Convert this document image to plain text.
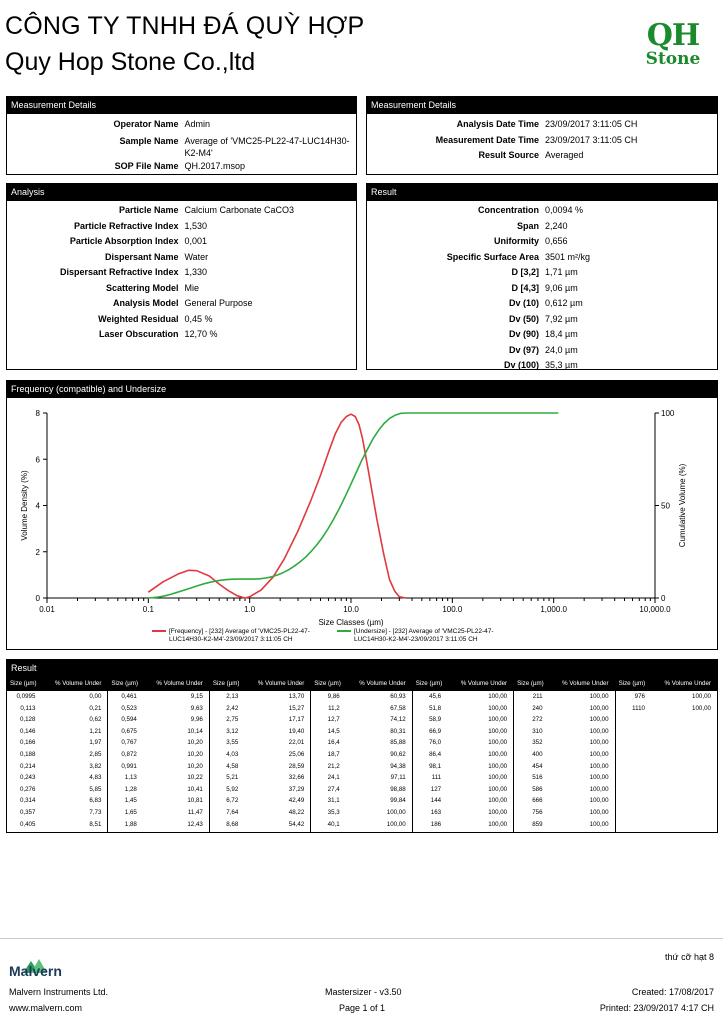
CÔNG TY TNHH ĐÁ QUỲ HỢP
Quy Hop Stone Co.,ltd
QH
Stone
Measurement Details
Operator Name Admin
Sample Name Average of 'VMC25-PL22-47-LUC14H30-K2-M4'
SOP File Name QH.2017.msop
Measurement Details
Analysis Date Time 23/09/2017 3:11:05 CH
Measurement Date Time 23/09/2017 3:11:05 CH
Result Source Averaged
Analysis
Particle Name Calcium Carbonate CaCO3
Particle Refractive Index 1,530
Particle Absorption Index 0,001
Dispersant Name Water
Dispersant Refractive Index 1,330
Scattering Model Mie
Analysis Model General Purpose
Weighted Residual 0,45 %
Laser Obscuration 12,70 %
Result
Concentration 0,0094 %
Span 2,240
Uniformity 0,656
Specific Surface Area 3501 m²/kg
D [3,2] 1,71 µm
D [4,3] 9,06 µm
Dv (10) 0,612 µm
Dv (50) 7,92 µm
Dv (90) 18,4 µm
Dv (97) 24,0 µm
Dv (100) 35,3 µm
Frequency (compatible) and Undersize
0
2
4
6
8
0
50
100
0.01	0.1	1.0	10.0	100.0	1,000.0	10,000.0
Size Classes (µm)
Volume Density (%)	Cumulative Volume (%)
[Frequency] - [232] Average of 'VMC25-PL22-47-LUC14H30-K2-M4'-23/09/2017 3:11:05 CH
[Undersize] - [232] Average of 'VMC25-PL22-47-LUC14H30-K2-M4'-23/09/2017 3:11:05 CH
Result
Size (µm)	% Volume Under
0,0995	0,00
0,113	0,21
0,128	0,62
0,146	1,21
0,166	1,97
0,188	2,85
0,214	3,82
0,243	4,83
0,276	5,85
0,314	6,83
0,357	7,73
0,405	8,51
Size (µm)	% Volume Under
0,461	9,15
0,523	9,63
0,594	9,96
0,675	10,14
0,767	10,20
0,872	10,20
0,991	10,20
1,13	10,22
1,28	10,41
1,45	10,81
1,65	11,47
1,88	12,43
Size (µm)	% Volume Under
2,13	13,70
2,42	15,27
2,75	17,17
3,12	19,40
3,55	22,01
4,03	25,06
4,58	28,59
5,21	32,66
5,92	37,29
6,72	42,49
7,64	48,22
8,68	54,42
Size (µm)	% Volume Under
9,86	60,93
11,2	67,58
12,7	74,12
14,5	80,31
16,4	85,88
18,7	90,62
21,2	94,38
24,1	97,11
27,4	98,88
31,1	99,84
35,3	100,00
40,1	100,00
Size (µm)	% Volume Under
45,6	100,00
51,8	100,00
58,9	100,00
66,9	100,00
76,0	100,00
86,4	100,00
98,1	100,00
111	100,00
127	100,00
144	100,00
163	100,00
186	100,00
Size (µm)	% Volume Under
211	100,00
240	100,00
272	100,00
310	100,00
352	100,00
400	100,00
454	100,00
516	100,00
586	100,00
666	100,00
756	100,00
859	100,00
Size (µm)	% Volume Under
976	100,00
1110	100,00
thứ cỡ hạt 8
Malvern
Malvern Instruments Ltd.
www.malvern.com
Mastersizer - v3.50
Page 1 of 1
Created: 17/08/2017
Printed: 23/09/2017 4:17 CH
